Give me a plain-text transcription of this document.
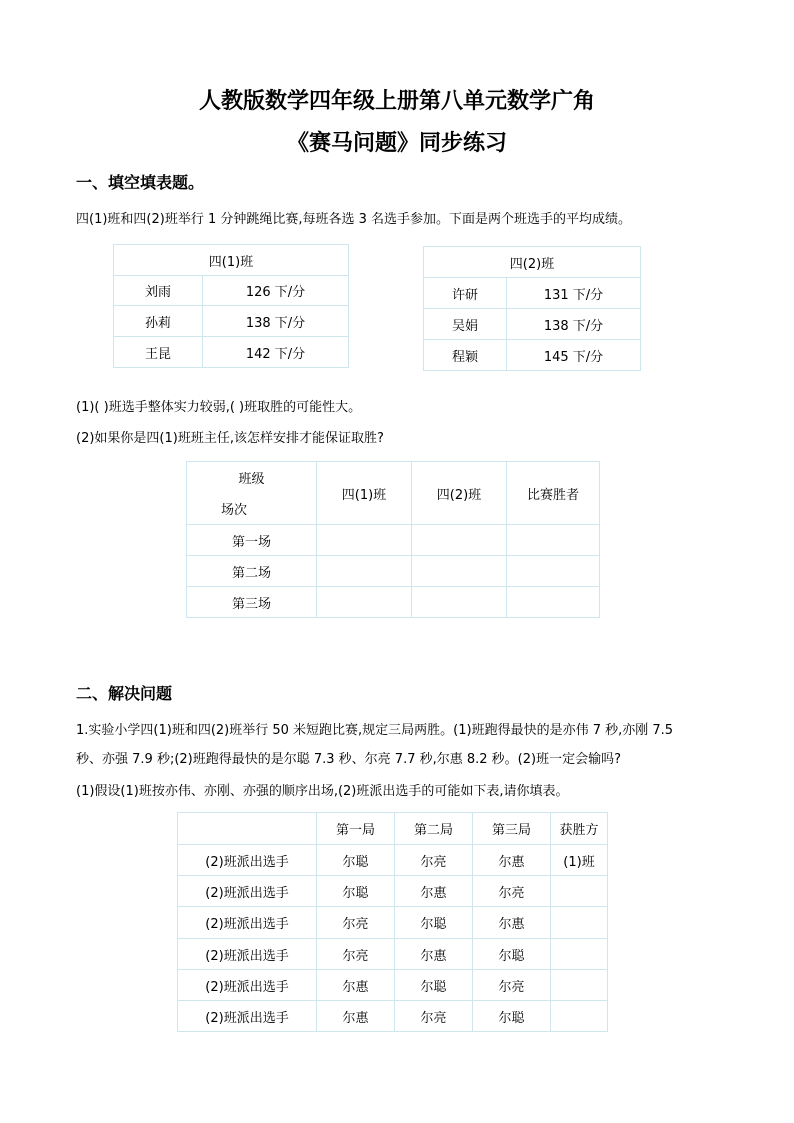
人教版数学四年级上册第八单元数学广角
《赛马问题》同步练习
一、填空填表题。
四(1)班和四(2)班举行 1 分钟跳绳比赛,每班各选 3 名选手参加。下面是两个班选手的平均成绩。
四(1)班	
刘雨	126 下/分
孙莉	138 下/分
王昆	142 下/分
四(2)班	
许研	131 下/分
吴娟	138 下/分
程颖	145 下/分
(1)( )班选手整体实力较弱,( )班取胜的可能性大。
(2)如果你是四(1)班班主任,该怎样安排才能保证取胜?
班级
场次	四(1)班	四(2)班	比赛胜者
第一场			
第二场			
第三场			
二、解决问题
1.实验小学四(1)班和四(2)班举行 50 米短跑比赛,规定三局两胜。(1)班跑得最快的是亦伟 7 秒,亦刚 7.5
秒、亦强 7.9 秒;(2)班跑得最快的是尔聪 7.3 秒、尔亮 7.7 秒,尔惠 8.2 秒。(2)班一定会输吗?
(1)假设(1)班按亦伟、亦刚、亦强的顺序出场,(2)班派出选手的可能如下表,请你填表。
	第一局	第二局	第三局	获胜方
(2)班派出选手	尔聪	尔亮	尔惠	(1)班
(2)班派出选手	尔聪	尔惠	尔亮	
(2)班派出选手	尔亮	尔聪	尔惠	
(2)班派出选手	尔亮	尔惠	尔聪	
(2)班派出选手	尔惠	尔聪	尔亮	
(2)班派出选手	尔惠	尔亮	尔聪	
